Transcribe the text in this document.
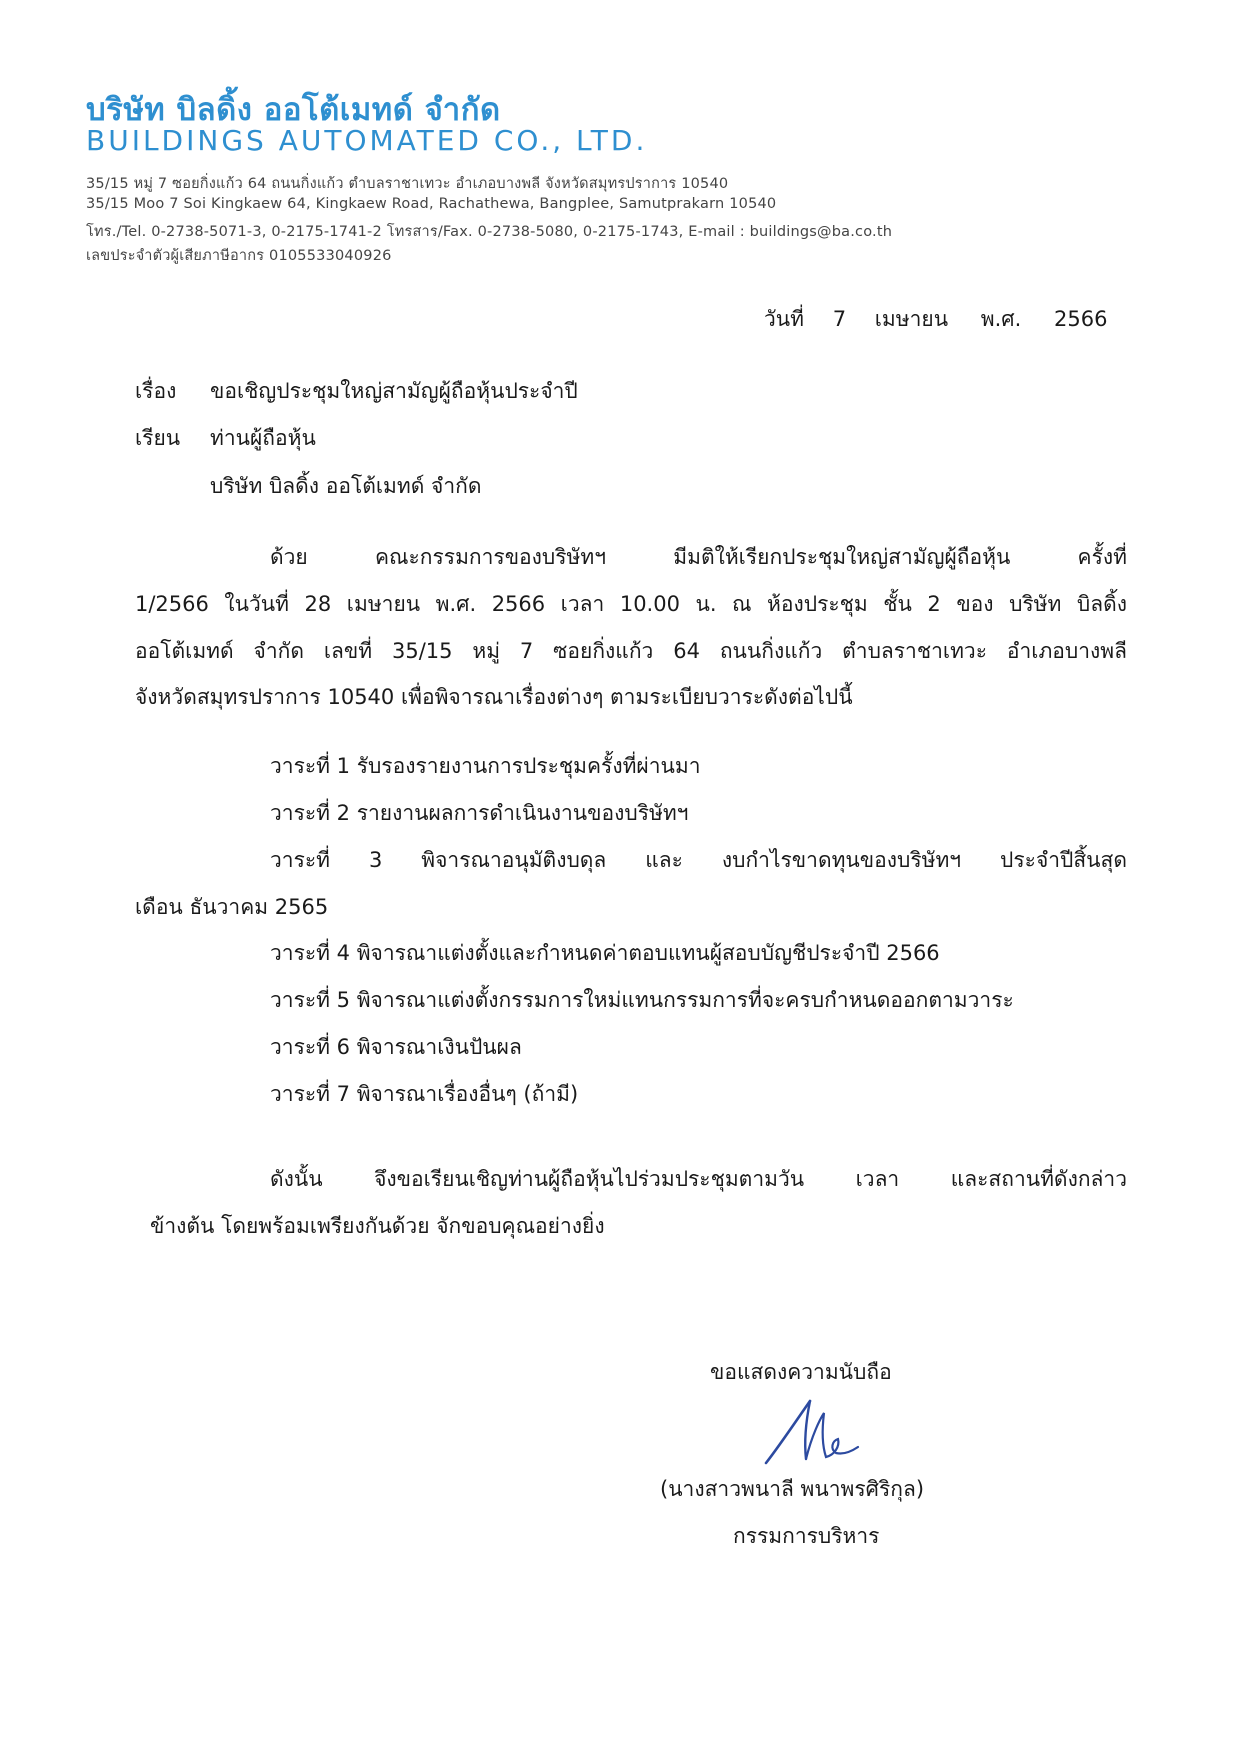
บริษัท บิลดิ้ง ออโต้เมทด์ จำกัด
BUILDINGS AUTOMATED CO., LTD.
35/15 หมู่ 7 ซอยกิ่งแก้ว 64 ถนนกิ่งแก้ว ตำบลราชาเทวะ อำเภอบางพลี จังหวัดสมุทรปราการ 10540
35/15 Moo 7 Soi Kingkaew 64, Kingkaew Road, Rachathewa, Bangplee, Samutprakarn 10540
โทร./Tel. 0-2738-5071-3, 0-2175-1741-2 โทรสาร/Fax. 0-2738-5080, 0-2175-1743, E-mail : buildings@ba.co.th
เลขประจำตัวผู้เสียภาษีอากร 0105533040926
วันที่ 7 เมษายน พ.ศ. 2566
เรื่อง ขอเชิญประชุมใหญ่สามัญผู้ถือหุ้นประจำปี
เรียน ท่านผู้ถือหุ้น
บริษัท บิลดิ้ง ออโต้เมทด์ จำกัด
ด้วย คณะกรรมการของบริษัทฯ มีมติให้เรียกประชุมใหญ่สามัญผู้ถือหุ้น ครั้งที่
1/2566 ในวันที่ 28 เมษายน พ.ศ. 2566 เวลา 10.00 น. ณ ห้องประชุม ชั้น 2 ของ บริษัท บิลดิ้ง
ออโต้เมทด์ จำกัด เลขที่ 35/15 หมู่ 7 ซอยกิ่งแก้ว 64 ถนนกิ่งแก้ว ตำบลราชาเทวะ อำเภอบางพลี
จังหวัดสมุทรปราการ 10540 เพื่อพิจารณาเรื่องต่างๆ ตามระเบียบวาระดังต่อไปนี้
วาระที่ 1 รับรองรายงานการประชุมครั้งที่ผ่านมา
วาระที่ 2 รายงานผลการดำเนินงานของบริษัทฯ
วาระที่ 3 พิจารณาอนุมัติงบดุล และ งบกำไรขาดทุนของบริษัทฯ ประจำปีสิ้นสุด
เดือน ธันวาคม 2565
วาระที่ 4 พิจารณาแต่งตั้งและกำหนดค่าตอบแทนผู้สอบบัญชีประจำปี 2566
วาระที่ 5 พิจารณาแต่งตั้งกรรมการใหม่แทนกรรมการที่จะครบกำหนดออกตามวาระ
วาระที่ 6 พิจารณาเงินปันผล
วาระที่ 7 พิจารณาเรื่องอื่นๆ (ถ้ามี)
ดังนั้น จึงขอเรียนเชิญท่านผู้ถือหุ้นไปร่วมประชุมตามวัน เวลา และสถานที่ดังกล่าว
ข้างต้น โดยพร้อมเพรียงกันด้วย จักขอบคุณอย่างยิ่ง
ขอแสดงความนับถือ
(นางสาวพนาลี พนาพรศิริกุล)
กรรมการบริหาร
